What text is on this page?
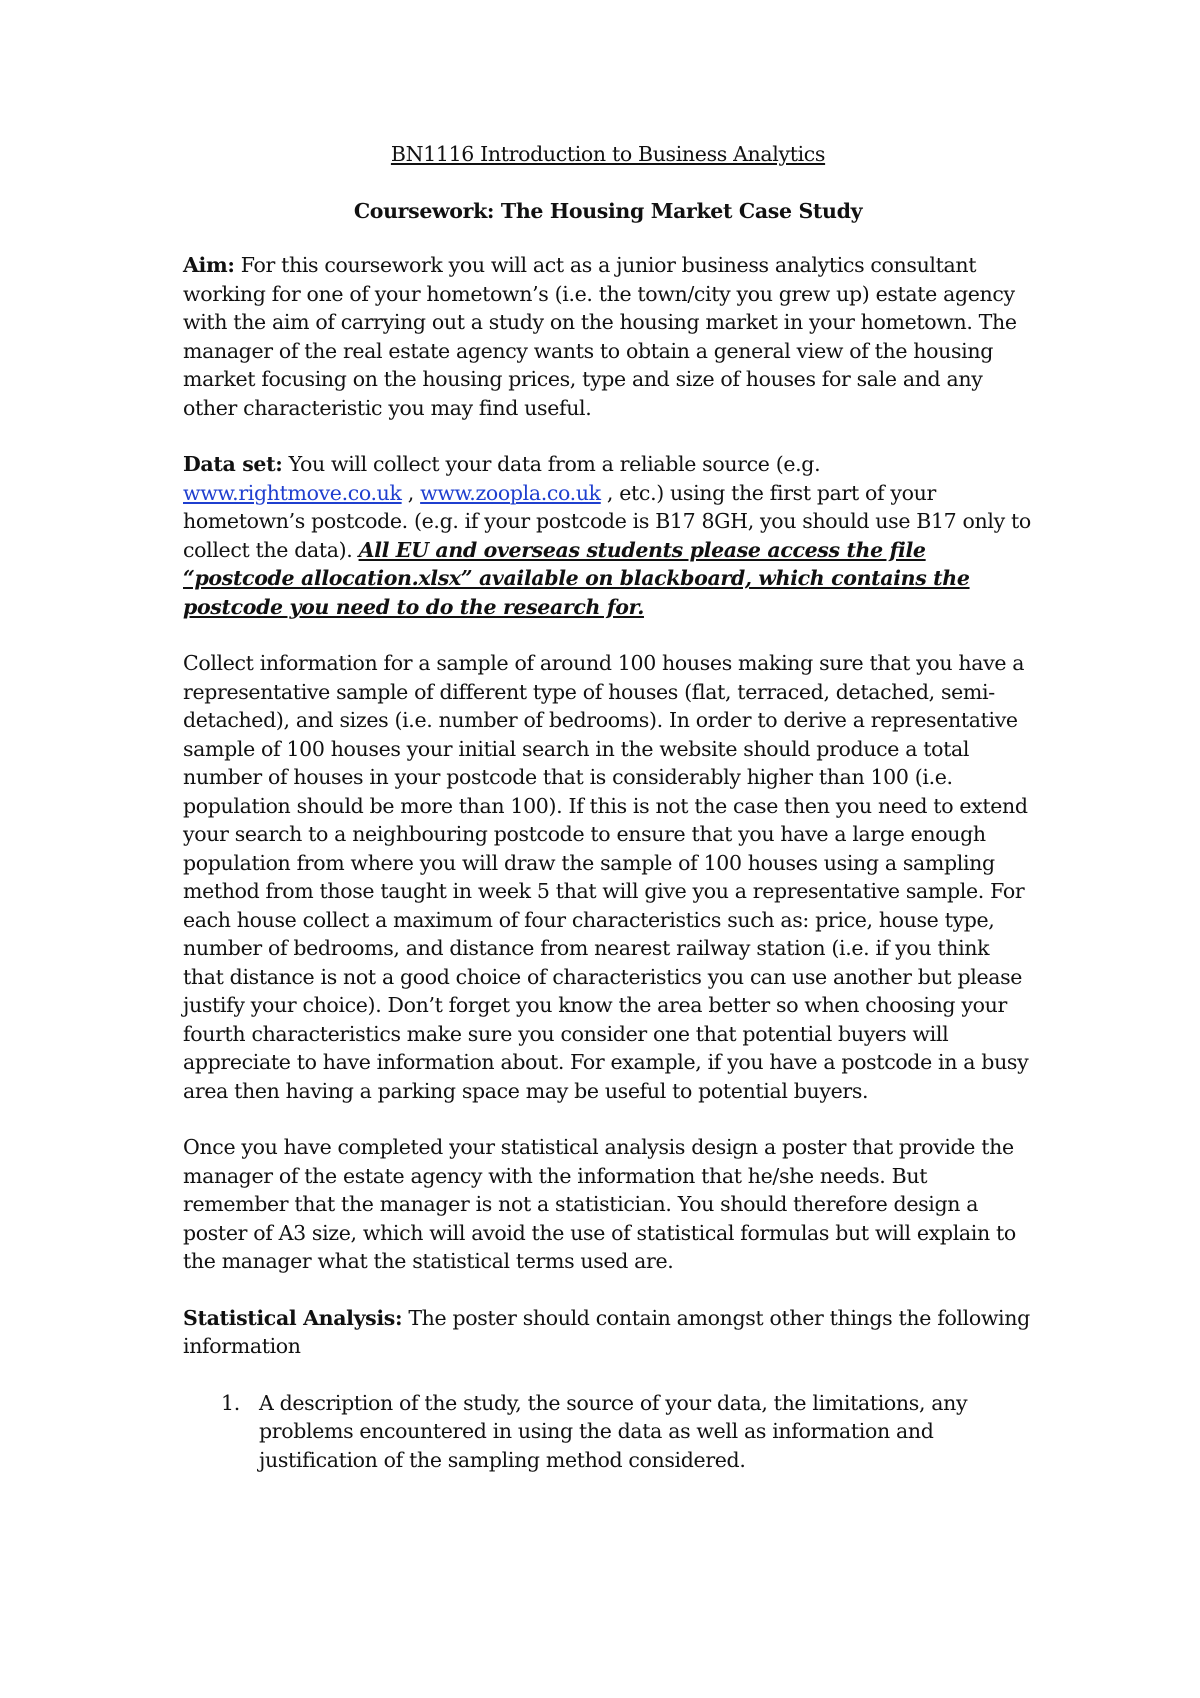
BN1116 Introduction to Business Analytics
Coursework: The Housing Market Case Study

Aim: For this coursework you will act as a junior business analytics consultant working for one of your hometown’s (i.e. the town/city you grew up) estate agency with the aim of carrying out a study on the housing market in your hometown. The manager of the real estate agency wants to obtain a general view of the housing market focusing on the housing prices, type and size of houses for sale and any other characteristic you may find useful.

Data set: You will collect your data from a reliable source (e.g. www.rightmove.co.uk , www.zoopla.co.uk , etc.) using the first part of your hometown’s postcode. (e.g. if your postcode is B17 8GH, you should use B17 only to collect the data). All EU and overseas students please access the file “postcode allocation.xlsx” available on blackboard, which contains the postcode you need to do the research for.

Collect information for a sample of around 100 houses making sure that you have a representative sample of different type of houses (flat, terraced, detached, semi-detached), and sizes (i.e. number of bedrooms). In order to derive a representative sample of 100 houses your initial search in the website should produce a total number of houses in your postcode that is considerably higher than 100 (i.e. population should be more than 100). If this is not the case then you need to extend your search to a neighbouring postcode to ensure that you have a large enough population from where you will draw the sample of 100 houses using a sampling method from those taught in week 5 that will give you a representative sample. For each house collect a maximum of four characteristics such as: price, house type, number of bedrooms, and distance from nearest railway station (i.e. if you think that distance is not a good choice of characteristics you can use another but please justify your choice). Don’t forget you know the area better so when choosing your fourth characteristics make sure you consider one that potential buyers will appreciate to have information about. For example, if you have a postcode in a busy area then having a parking space may be useful to potential buyers.

Once you have completed your statistical analysis design a poster that provide the manager of the estate agency with the information that he/she needs. But remember that the manager is not a statistician. You should therefore design a poster of A3 size, which will avoid the use of statistical formulas but will explain to the manager what the statistical terms used are.

Statistical Analysis: The poster should contain amongst other things the following information

1. A description of the study, the source of your data, the limitations, any problems encountered in using the data as well as information and justification of the sampling method considered.
